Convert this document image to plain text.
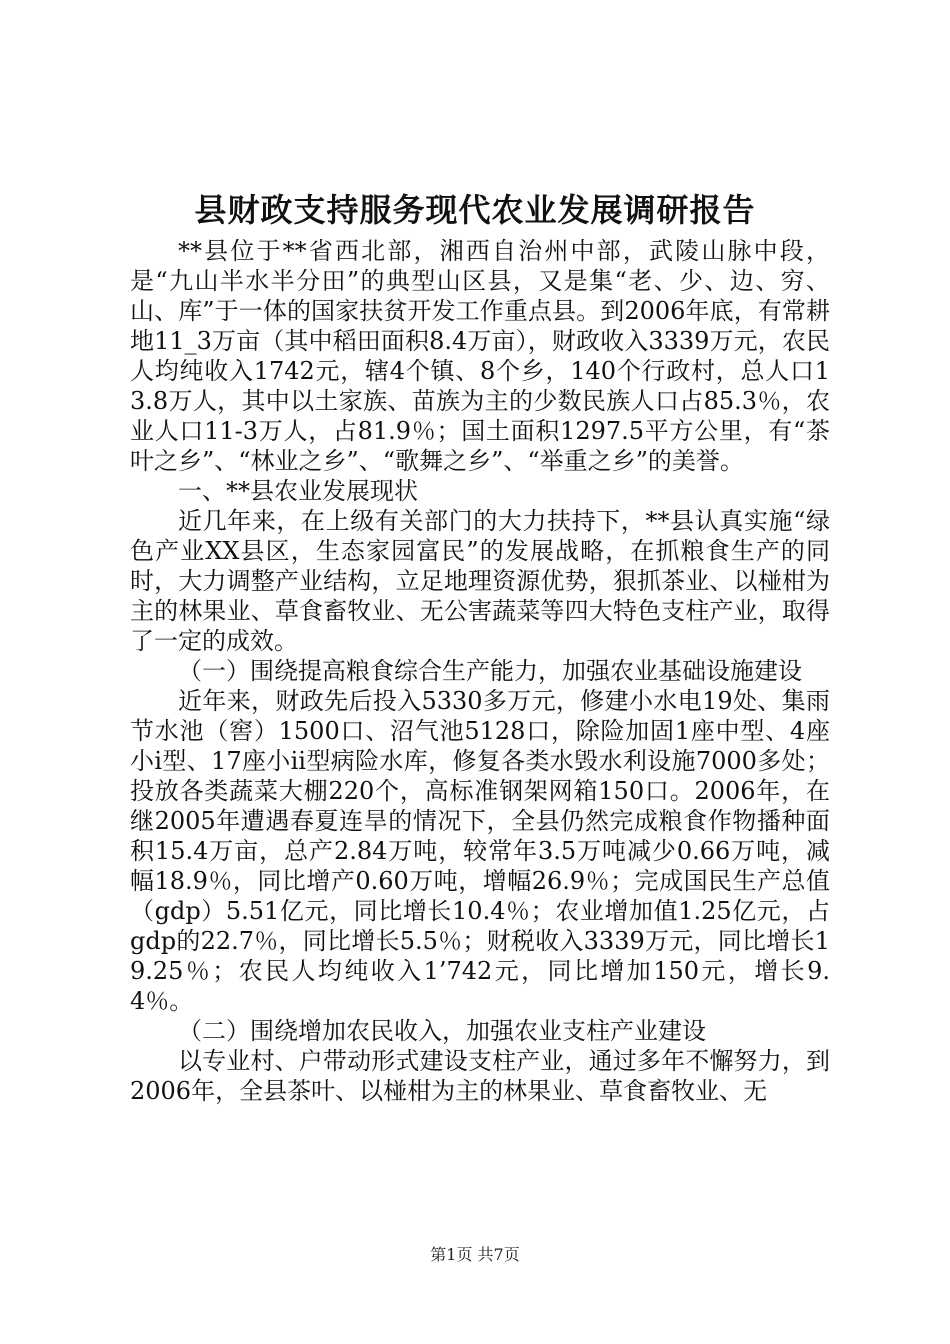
县财政支持服务现代农业发展调研报告

**县位于**省西北部，湘西自治州中部，武陵山脉中段，是“九山半水半分田”的典型山区县，又是集“老、少、边、穷、山、库”于一体的国家扶贫开发工作重点县。到2006年底，有常耕地11_3万亩（其中稻田面积8.4万亩），财政收入3339万元，农民人均纯收入1742元，辖4个镇、8个乡，140个行政村，总人口13.8万人，其中以土家族、苗族为主的少数民族人口占85.3％，农业人口11-3万人，占81.9％；国土面积1297.5平方公里，有“茶叶之乡”、“林业之乡”、“歌舞之乡”、“举重之乡”的美誉。

一、**县农业发展现状

近几年来，在上级有关部门的大力扶持下，**县认真实施“绿色产业XX县区，生态家园富民”的发展战略，在抓粮食生产的同时，大力调整产业结构，立足地理资源优势，狠抓茶业、以椪柑为主的林果业、草食畜牧业、无公害蔬菜等四大特色支柱产业，取得了一定的成效。

（一）围绕提高粮食综合生产能力，加强农业基础设施建设

近年来，财政先后投入5330多万元，修建小水电19处、集雨节水池（窖）1500口、沼气池5128口，除险加固1座中型、4座小ⅰ型、17座小ⅱ型病险水库，修复各类水毁水利设施7000多处；投放各类蔬菜大棚220个，高标准钢架网箱150口。2006年，在继2005年遭遇春夏连旱的情况下，全县仍然完成粮食作物播种面积15.4万亩，总产2.84万吨，较常年3.5万吨减少0.66万吨，减幅18.9％，同比增产0.60万吨，增幅26.9％；完成国民生产总值（gdp）5.51亿元，同比增长10.4％；农业增加值1.25亿元，占gdp的22.7％，同比增长5.5％；财税收入3339万元，同比增长19.25％；农民人均纯收入1’742元，同比增加150元，增长9.4％。

（二）围绕增加农民收入，加强农业支柱产业建设

以专业村、户带动形式建设支柱产业，通过多年不懈努力，到2006年，全县茶叶、以椪柑为主的林果业、草食畜牧业、无

第1页 共7页
